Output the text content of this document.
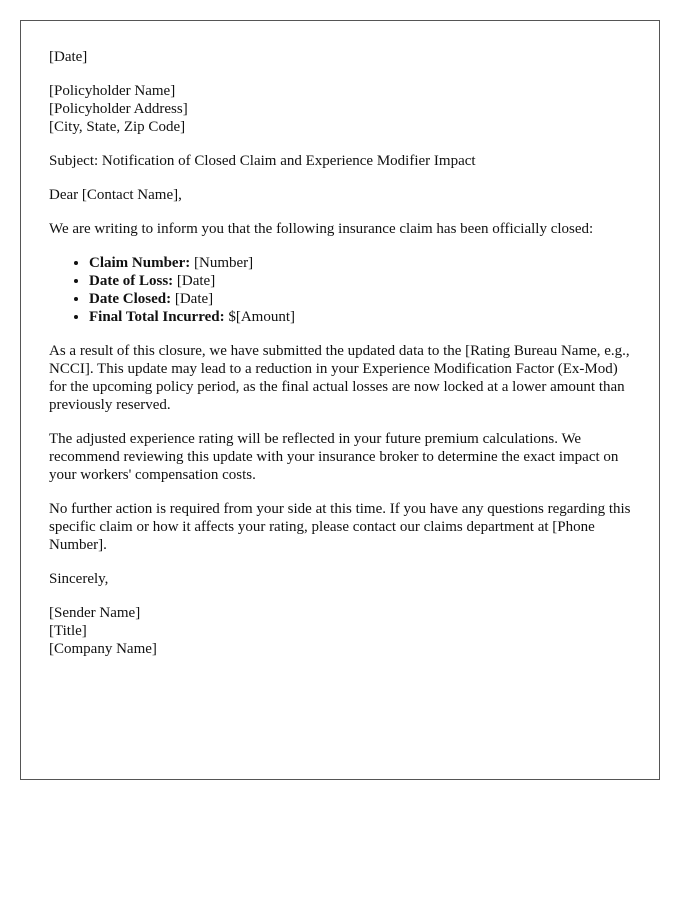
[Date]
[Policyholder Name]
[Policyholder Address]
[City, State, Zip Code]

Subject: Notification of Closed Claim and Experience Modifier Impact

Dear [Contact Name],

We are writing to inform you that the following insurance claim has been officially closed:

• Claim Number: [Number]
• Date of Loss: [Date]
• Date Closed: [Date]
• Final Total Incurred: $[Amount]

As a result of this closure, we have submitted the updated data to the [Rating Bureau Name, e.g., NCCI]. This update may lead to a reduction in your Experience Modification Factor (Ex-Mod) for the upcoming policy period, as the final actual losses are now locked at a lower amount than previously reserved.

The adjusted experience rating will be reflected in your future premium calculations. We recommend reviewing this update with your insurance broker to determine the exact impact on your workers' compensation costs.

No further action is required from your side at this time. If you have any questions regarding this specific claim or how it affects your rating, please contact our claims department at [Phone Number].

Sincerely,

[Sender Name]
[Title]
[Company Name]
